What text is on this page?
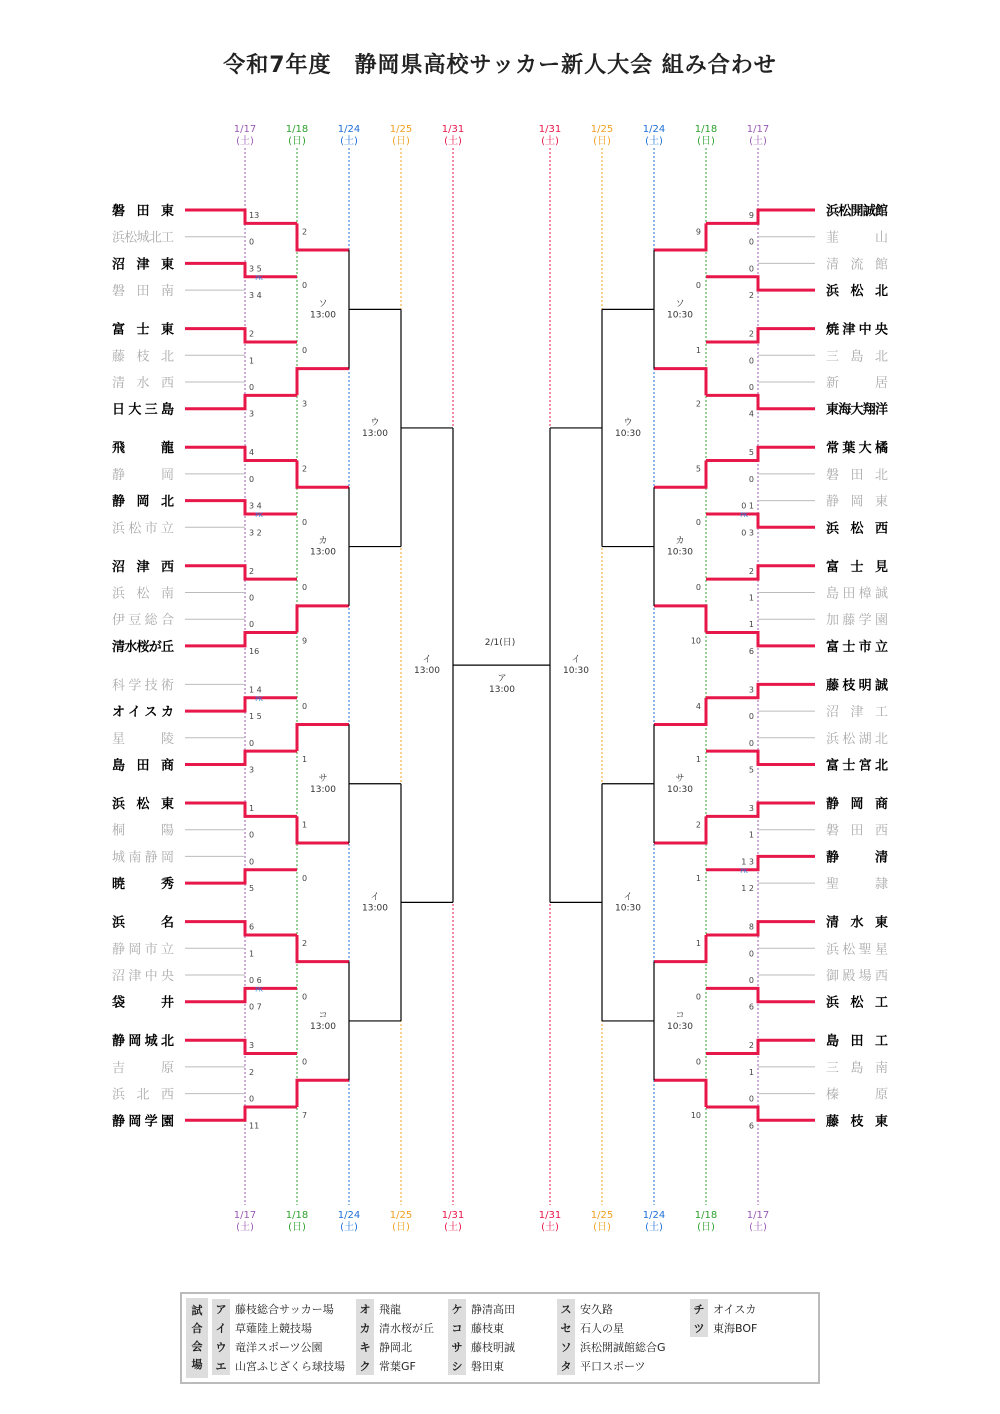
令和7年度　静岡県高校サッカー新人大会 組み合わせ
1/17
(土)
1/17
(土)
1/17
(土)
1/17
(土)
1/18
(日)
1/18
(日)
1/18
(日)
1/18
(日)
1/24
(土)
1/24
(土)
1/24
(土)
1/24
(土)
1/25
(日)
1/25
(日)
1/25
(日)
1/25
(日)
1/31
(土)
1/31
(土)
1/31
(土)
1/31
(土)
磐田東
浜松城北工
沼津東
磐田南
富士東
藤枝北
清水西
日大三島
飛龍
静岡
静岡北
浜松市立
沼津西
浜松南
伊豆総合
清水桜が丘
科学技術
オイスカ
星陵
島田商
浜松東
桐陽
城南静岡
暁秀
浜名
静岡市立
沼津中央
袋井
静岡城北
吉原
浜北西
静岡学園
13
0
3 5
3 4
PK
2
1
0
3
4
0
3 4
3 2
PK
2
0
0
16
1 4
1 5
PK
0
3
1
0
0
5
6
1
0 6
0 7
PK
3
2
0
11
2
0
0
3
2
0
0
9
0
1
1
0
2
0
0
7
ソ
13:00
カ
13:00
サ
13:00
コ
13:00
ウ
13:00
イ
13:00
イ
13:00
浜松開誠館
韮山
清流館
浜松北
焼津中央
三島北
新居
東海大翔洋
常葉大橘
磐田北
静岡東
浜松西
富士見
島田樟誠
加藤学園
富士市立
藤枝明誠
沼津工
浜松湖北
富士宮北
静岡商
磐田西
静清
聖隷
清水東
浜松聖星
御殿場西
浜松工
島田工
三島南
榛原
藤枝東
9
0
0
2
2
0
0
4
5
0
0 1
0 3
PK
2
1
1
6
3
0
0
5
3
1
1 3
1 2
PK
8
0
0
6
2
1
0
6
9
0
1
2
5
0
0
10
4
1
2
1
1
0
0
10
ソ
10:30
カ
10:30
サ
10:30
コ
10:30
ウ
10:30
イ
10:30
イ
10:30
2/1(日)
ア
13:00
試
合
会
場
ア 藤枝総合サッカー場
イ 草薙陸上競技場
ウ 竜洋スポーツ公園
エ 山宮ふじざくら球技場
オ 飛龍
カ 清水桜が丘
キ 静岡北
ク 常葉GF
ケ 静清高田
コ 藤枝東
サ 藤枝明誠
シ 磐田東
ス 安久路
セ 石人の星
ソ 浜松開誠館総合G
タ 平口スポーツ
チ オイスカ
ツ 東海BOF
